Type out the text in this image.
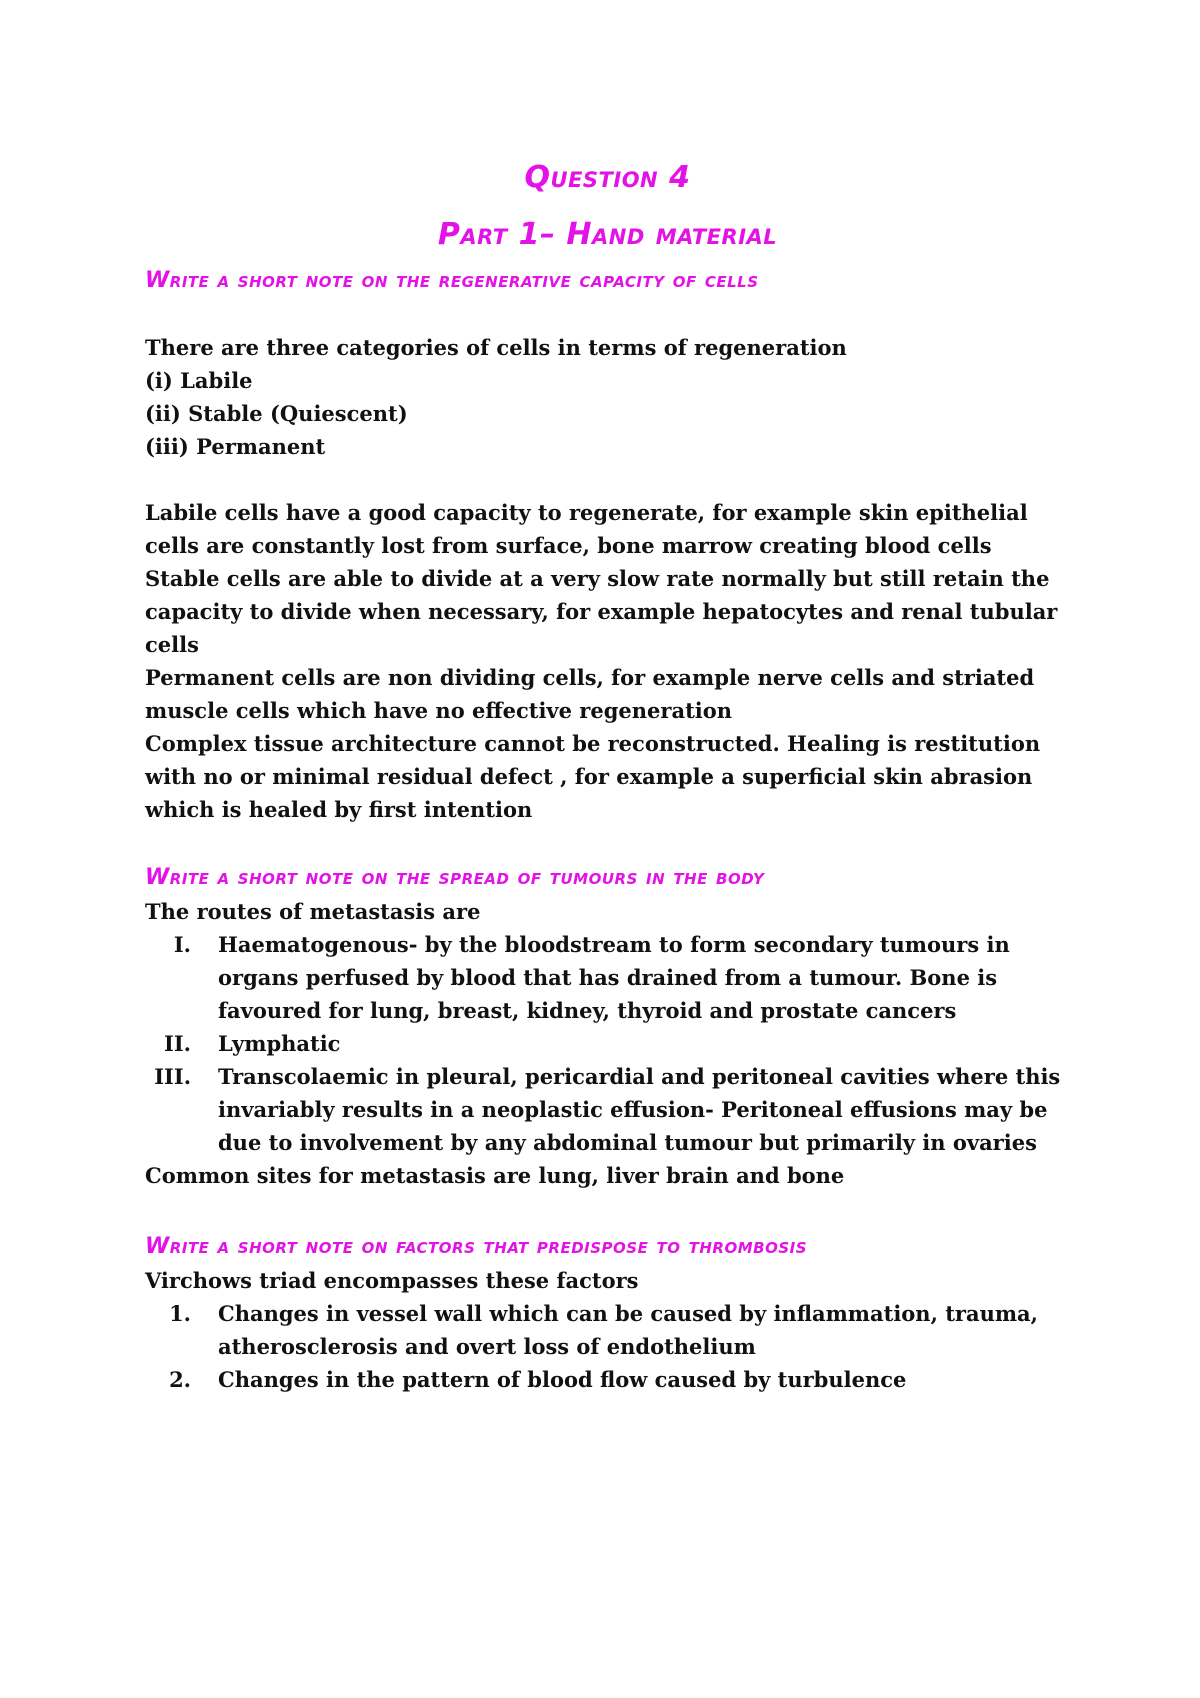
Question 4
Part 1– Hand material
Write a short note on the regenerative capacity of cells

There are three categories of cells in terms of regeneration

(i) Labile

(ii) Stable (Quiescent)

(iii) Permanent

Labile cells have a good capacity to regenerate, for example skin epithelial cells are constantly lost from surface, bone marrow creating blood cells

Stable cells are able to divide at a very slow rate normally but still retain the capacity to divide when necessary, for example hepatocytes and renal tubular cells

Permanent cells are non dividing cells, for example nerve cells and striated muscle cells which have no effective regeneration

Complex tissue architecture cannot be reconstructed. Healing is restitution with no or minimal residual defect , for example a superficial skin abrasion which is healed by first intention

Write a short note on the spread of tumours in the body

The routes of metastasis are

I. Haematogenous- by the bloodstream to form secondary tumours in organs perfused by blood that has drained from a tumour. Bone is favoured for lung, breast, kidney, thyroid and prostate cancers
II. Lymphatic
III. Transcolaemic in pleural, pericardial and peritoneal cavities where this invariably results in a neoplastic effusion- Peritoneal effusions may be due to involvement by any abdominal tumour but primarily in ovaries

Common sites for metastasis are lung, liver brain and bone

Write a short note on factors that predispose to thrombosis

Virchows triad encompasses these factors

1. Changes in vessel wall which can be caused by inflammation, trauma, atherosclerosis and overt loss of endothelium
2. Changes in the pattern of blood flow caused by turbulence
